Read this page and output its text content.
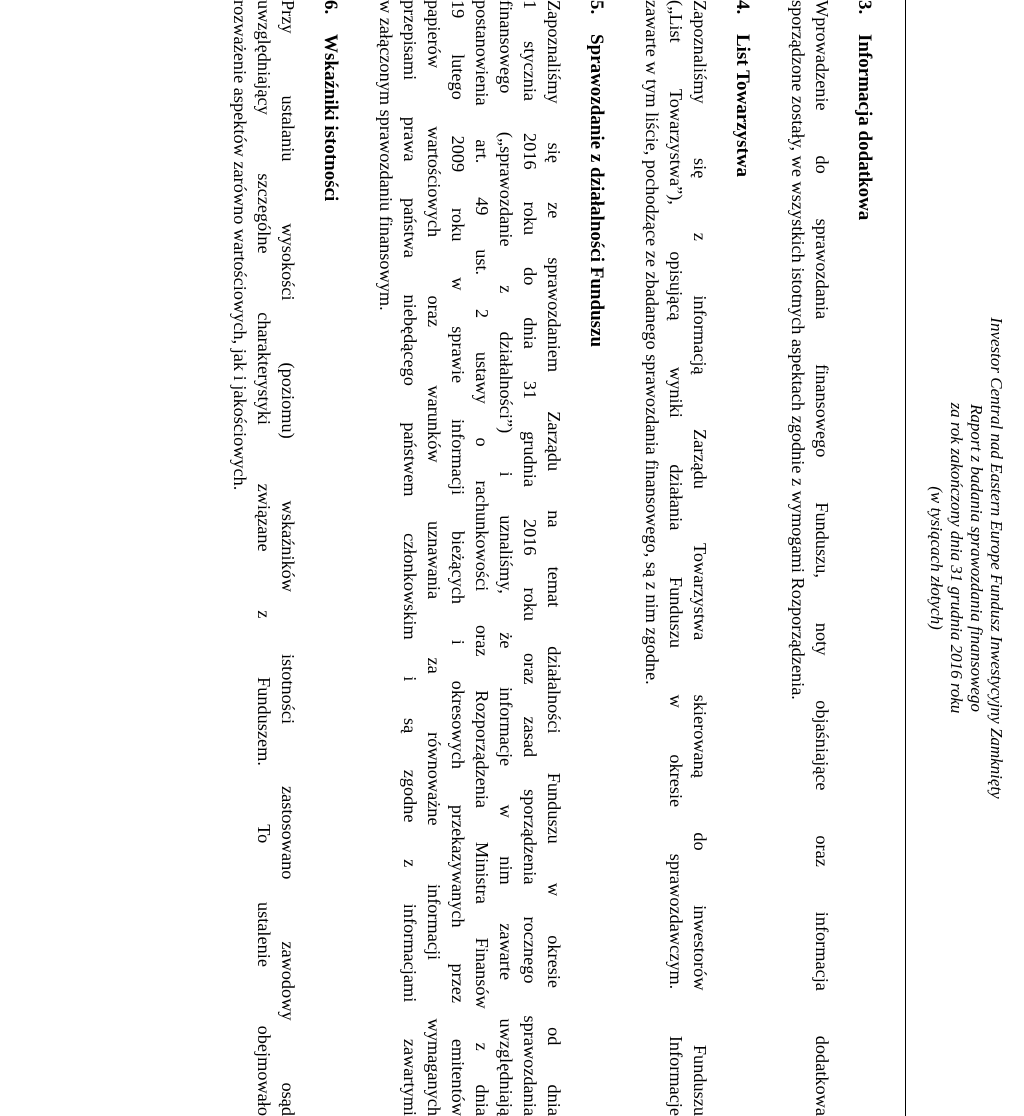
Investor Central nad Eastern Europe Fundusz Inwestycyjny Zamknięty
Raport z badania sprawozdania finansowego
za rok zakończony dnia 31 grudnia 2016 roku
(w tysiącach złotych)
3.Informacja dodatkowa
Wprowadzenie do sprawozdania finansowego Funduszu, noty objaśniające oraz informacja dodatkowa
sporządzone zostały, we wszystkich istotnych aspektach zgodnie z wymogami Rozporządzenia.
4.List Towarzystwa
Zapoznaliśmy się z informacją Zarządu Towarzystwa skierowaną do inwestorów Funduszu
(„List Towarzystwa”), opisującą wyniki działania Funduszu w okresie sprawozdawczym. Informacje
zawarte w tym liście, pochodzące ze zbadanego sprawozdania finansowego, są z nim zgodne.
5.Sprawozdanie z działalności Funduszu
Zapoznaliśmy się ze sprawozdaniem Zarządu na temat działalności Funduszu w okresie od dnia
1 stycznia 2016 roku do dnia 31 grudnia 2016 roku oraz zasad sporządzenia rocznego sprawozdania
finansowego („sprawozdanie z działalności”) i uznaliśmy, że informacje w nim zawarte uwzględniają
postanowienia art. 49 ust. 2 ustawy o rachunkowości oraz Rozporządzenia Ministra Finansów z dnia
19 lutego 2009 roku w sprawie informacji bieżących i okresowych przekazywanych przez emitentów
papierów wartościowych oraz warunków uznawania za równoważne informacji wymaganych
przepisami prawa państwa niebędącego państwem członkowskim i są zgodne z informacjami zawartymi
w załączonym sprawozdaniu finansowym.
6.Wskaźniki istotności
Przy ustalaniu wysokości (poziomu) wskaźników istotności zastosowano zawodowy osąd
uwzględniający szczególne charakterystyki związane z Funduszem. To ustalenie obejmowało
rozważenie aspektów zarówno wartościowych, jak i jakościowych.
